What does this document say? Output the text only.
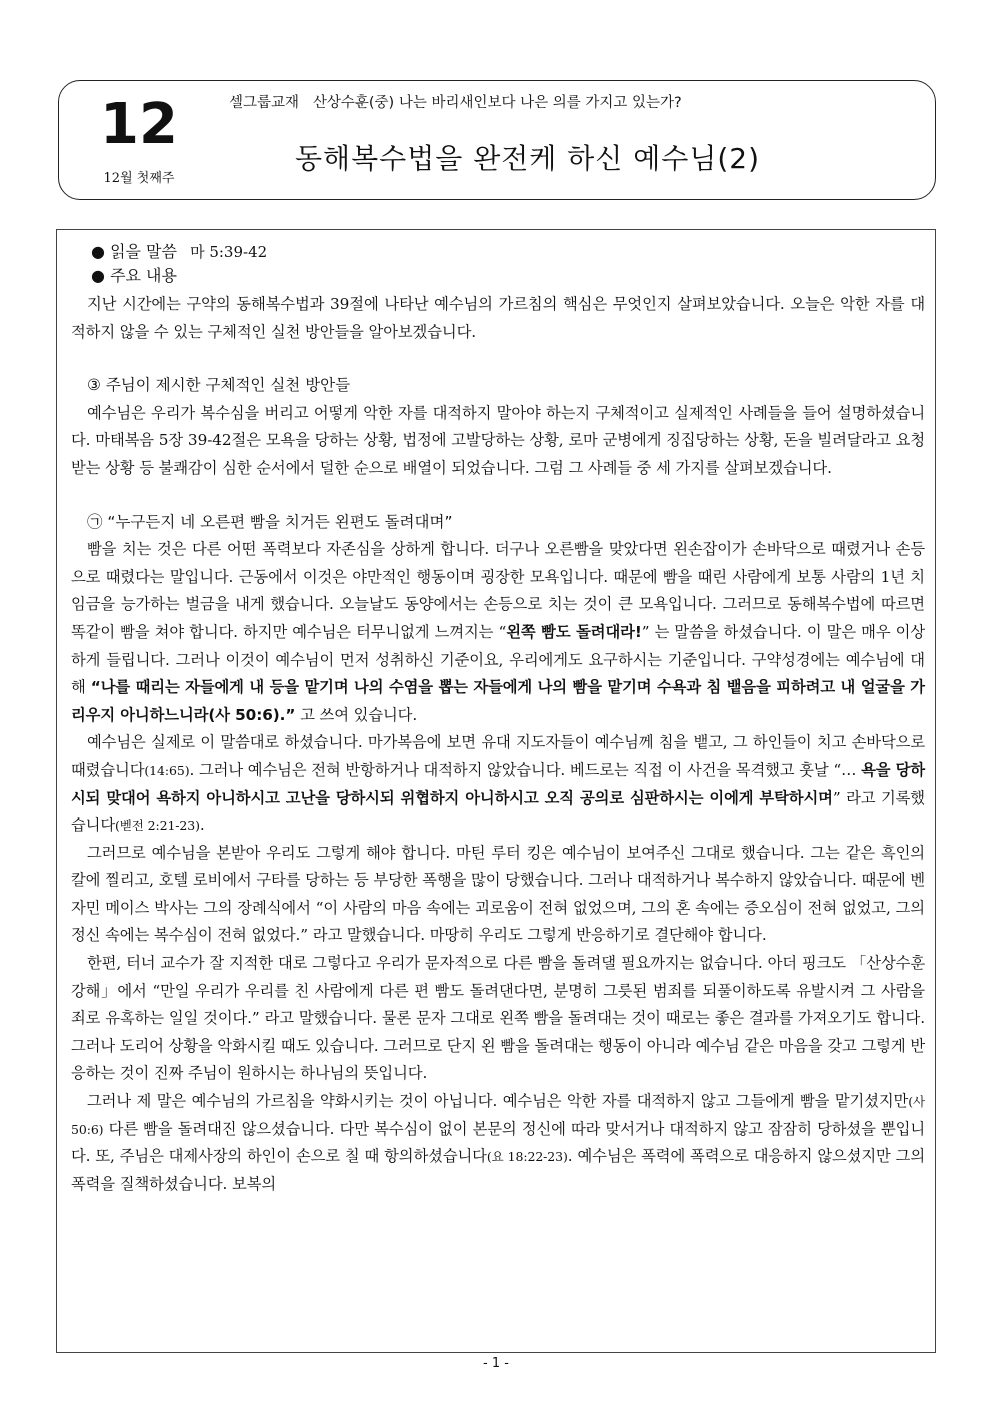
12
12월 첫째주
셀그룹교재   산상수훈(중) 나는 바리새인보다 나은 의를 가지고 있는가?
동해복수법을 완전케 하신 예수님(2)
● 읽을 말씀 마 5:39-42
● 주요 내용

지난 시간에는 구약의 동해복수법과 39절에 나타난 예수님의 가르침의 핵심은 무엇인지 살펴보았습니다. 오늘은 악한 자를 대적하지 않을 수 있는 구체적인 실천 방안들을 알아보겠습니다.

③ 주님이 제시한 구체적인 실천 방안들

예수님은 우리가 복수심을 버리고 어떻게 악한 자를 대적하지 말아야 하는지 구체적이고 실제적인 사례들을 들어 설명하셨습니다. 마태복음 5장 39-42절은 모욕을 당하는 상황, 법정에 고발당하는 상황, 로마 군병에게 징집당하는 상황, 돈을 빌려달라고 요청받는 상황 등 불쾌감이 심한 순서에서 덜한 순으로 배열이 되었습니다. 그럼 그 사례들 중 세 가지를 살펴보겠습니다.

㉠ “누구든지 네 오른편 빰을 치거든 왼편도 돌려대며”

빰을 치는 것은 다른 어떤 폭력보다 자존심을 상하게 합니다. 더구나 오른빰을 맞았다면 왼손잡이가 손바닥으로 때렸거나 손등으로 때렸다는 말입니다. 근동에서 이것은 야만적인 행동이며 굉장한 모욕입니다. 때문에 빰을 때린 사람에게 보통 사람의 1년 치 임금을 능가하는 벌금을 내게 했습니다. 오늘날도 동양에서는 손등으로 치는 것이 큰 모욕입니다. 그러므로 동해복수법에 따르면 똑같이 빰을 쳐야 합니다. 하지만 예수님은 터무니없게 느껴지는 “왼쪽 빰도 돌려대라!” 는 말씀을 하셨습니다. 이 말은 매우 이상하게 들립니다. 그러나 이것이 예수님이 먼저 성취하신 기준이요, 우리에게도 요구하시는 기준입니다. 구약성경에는 예수님에 대해 “나를 때리는 자들에게 내 등을 맡기며 나의 수염을 뽑는 자들에게 나의 빰을 맡기며 수욕과 침 뱉음을 피하려고 내 얼굴을 가리우지 아니하느니라(사 50:6).” 고 쓰여 있습니다.

예수님은 실제로 이 말씀대로 하셨습니다. 마가복음에 보면 유대 지도자들이 예수님께 침을 뱉고, 그 하인들이 치고 손바닥으로 때렸습니다(14:65). 그러나 예수님은 전혀 반항하거나 대적하지 않았습니다. 베드로는 직접 이 사건을 목격했고 훗날 “… 욕을 당하시되 맞대어 욕하지 아니하시고 고난을 당하시되 위협하지 아니하시고 오직 공의로 심판하시는 이에게 부탁하시며” 라고 기록했습니다(벧전 2:21-23).

그러므로 예수님을 본받아 우리도 그렇게 해야 합니다. 마틴 루터 킹은 예수님이 보여주신 그대로 했습니다. 그는 같은 흑인의 칼에 찔리고, 호텔 로비에서 구타를 당하는 등 부당한 폭행을 많이 당했습니다. 그러나 대적하거나 복수하지 않았습니다. 때문에 벤자민 메이스 박사는 그의 장례식에서 “이 사람의 마음 속에는 괴로움이 전혀 없었으며, 그의 혼 속에는 증오심이 전혀 없었고, 그의 정신 속에는 복수심이 전혀 없었다.” 라고 말했습니다. 마땅히 우리도 그렇게 반응하기로 결단해야 합니다.

한편, 터너 교수가 잘 지적한 대로 그렇다고 우리가 문자적으로 다른 빰을 돌려댈 필요까지는 없습니다. 아더 핑크도 「산상수훈 강해」에서 “만일 우리가 우리를 친 사람에게 다른 편 빰도 돌려댄다면, 분명히 그릇된 범죄를 되풀이하도록 유발시켜 그 사람을 죄로 유혹하는 일일 것이다.” 라고 말했습니다. 물론 문자 그대로 왼쪽 빰을 돌려대는 것이 때로는 좋은 결과를 가져오기도 합니다. 그러나 도리어 상황을 악화시킬 때도 있습니다. 그러므로 단지 왼 빰을 돌려대는 행동이 아니라 예수님 같은 마음을 갖고 그렇게 반응하는 것이 진짜 주님이 원하시는 하나님의 뜻입니다.

그러나 제 말은 예수님의 가르침을 약화시키는 것이 아닙니다. 예수님은 악한 자를 대적하지 않고 그들에게 빰을 맡기셨지만(사 50:6) 다른 빰을 돌려대진 않으셨습니다. 다만 복수심이 없이 본문의 정신에 따라 맞서거나 대적하지 않고 잠잠히 당하셨을 뿐입니다. 또, 주님은 대제사장의 하인이 손으로 칠 때 항의하셨습니다(요 18:22-23). 예수님은 폭력에 폭력으로 대응하지 않으셨지만 그의 폭력을 질책하셨습니다. 보복의

- 1 -
